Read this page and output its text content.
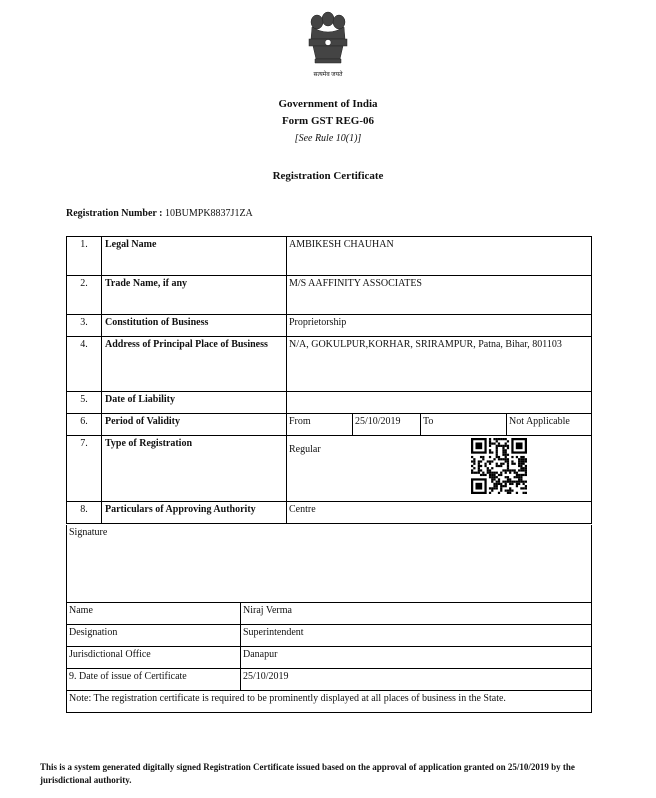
सत्यमेव जयते
Government of India
Form GST REG-06
[See Rule 10(1)]
Registration Certificate
Registration Number : 10BUMPK8837J1ZA
1.	Legal Name	AMBIKESH CHAUHAN			
2.	Trade Name, if any	M/S AAFFINITY ASSOCIATES			
3.	Constitution of Business	Proprietorship			
4.	Address of Principal Place of Business	N/A, GOKULPUR,KORHAR, SRIRAMPUR, Patna, Bihar, 801103			
5.	Date of Liability				
6.	Period of Validity	From	25/10/2019	To	Not Applicable
7.	Type of Registration	Regular			

8.	Particulars of Approving Authority	Centre			
Signature	
Name	Niraj Verma
Designation	Superintendent
Jurisdictional Office	Danapur
9. Date of issue of Certificate	25/10/2019
Note: The registration certificate is required to be prominently displayed at all places of business in the State.	
This is a system generated digitally signed Registration Certificate issued based on the approval of application granted on 25/10/2019 by the jurisdictional authority.
